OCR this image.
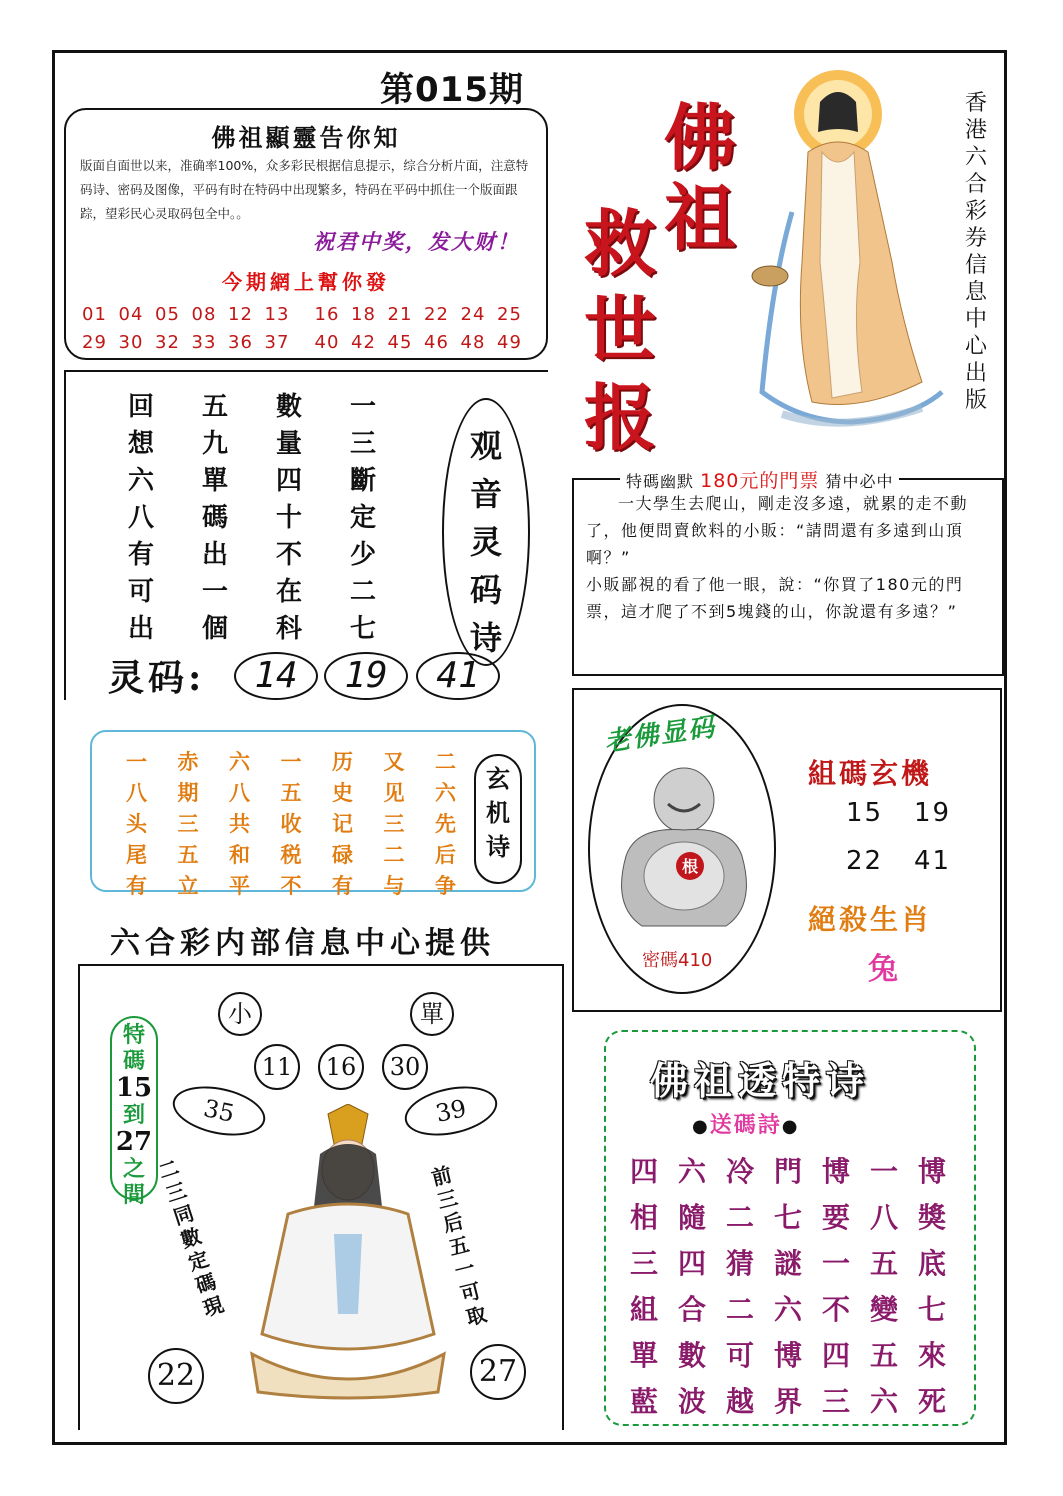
第015期
佛祖顯靈告你知
版面自面世以来，准确率100%，众多彩民根据信息提示，综合分析片面，注意特码诗、密码及图像，平码有时在特码中出现繁多，特码在平码中抓住一个版面跟踪，望彩民心灵取码包全中。。
祝君中奖，发大财！
今期網上幫你發
01 04 05 08 12 13 16 18 21 22 24 25
29 30 32 33 36 37 40 42 45 46 48 49
佛
祖
救
世
报
香港六合彩券信息中心出版
回 五 數 一
想 九 量 三
六 單 四 斷
八 碼 十 定
有 出 不 少
可 一 在 二
出 個 科 七
观音灵码诗
灵码:	14	19	41
特碼幽默 180元的門票 猜中必中
一大學生去爬山，剛走沒多遠，就累的走不動了，他便問賣飲料的小販：“請問還有多遠到山頂啊？”
小販鄙視的看了他一眼，說：“你買了180元的門票，這才爬了不到5塊錢的山，你說還有多遠？”
一 赤 六 一 历 又 二
八 期 八 五 史 见 六
头 三 共 收 记 三 先
尾 五 和 税 碌 二 后
有 立 平 不 有 与 争
玄机诗
老佛显码
根
密碼410
組碼玄機
15 19
22 41
絕殺生肖
兔
六合彩内部信息中心提供
小	單
11	16	30
35	39
特
碼
15
到
27
之
間
二三同數定碼現
前三后五一可取
22	27
佛祖透特诗
●送碼詩●
四 六 冷 門 博 一 博
相 隨 二 七 要 八 獎
三 四 猜 謎 一 五 底
組 合 二 六 不 變 七
單 數 可 博 四 五 來
藍 波 越 界 三 六 死
